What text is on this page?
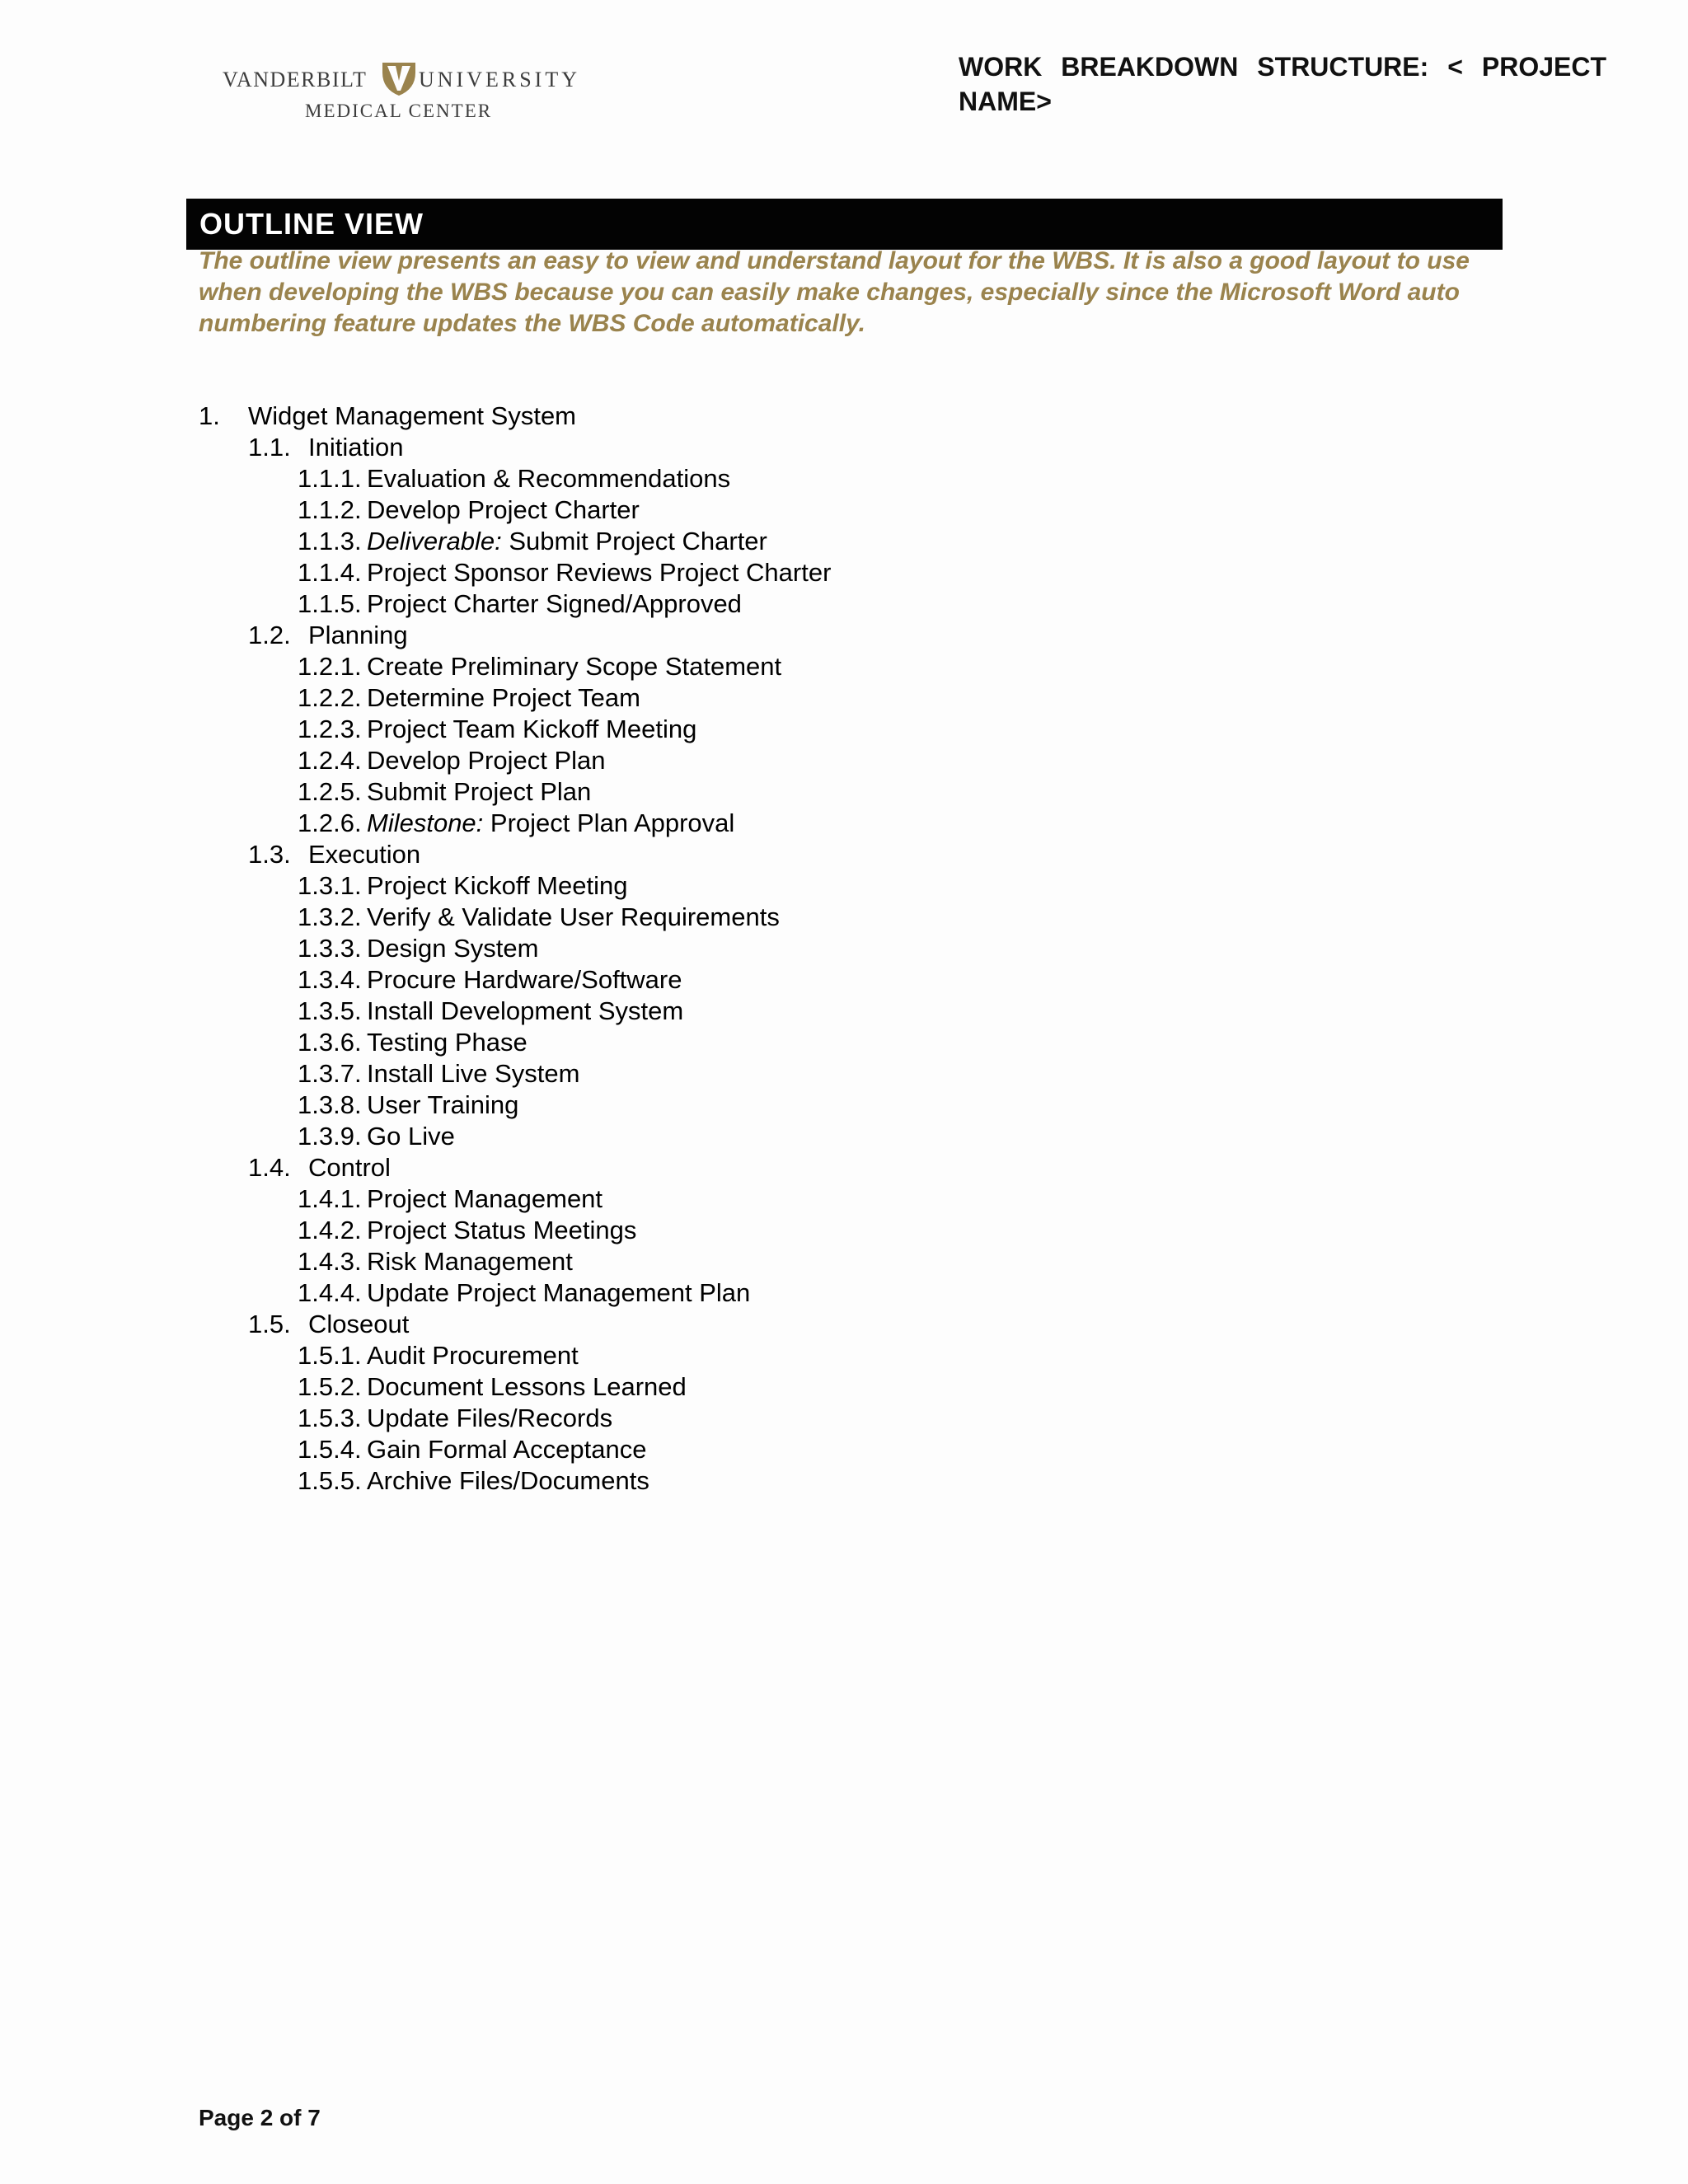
VANDERBILT UNIVERSITY
MEDICAL CENTER
WORK BREAKDOWN STRUCTURE: < PROJECT NAME>
OUTLINE VIEW
The outline view presents an easy to view and understand layout for the WBS. It is also a good layout to use when developing the WBS because you can easily make changes, especially since the Microsoft Word auto numbering feature updates the WBS Code automatically.
1. Widget Management System
1.1. Initiation
1.1.1. Evaluation & Recommendations
1.1.2. Develop Project Charter
1.1.3. Deliverable: Submit Project Charter
1.1.4. Project Sponsor Reviews Project Charter
1.1.5. Project Charter Signed/Approved
1.2. Planning
1.2.1. Create Preliminary Scope Statement
1.2.2. Determine Project Team
1.2.3. Project Team Kickoff Meeting
1.2.4. Develop Project Plan
1.2.5. Submit Project Plan
1.2.6. Milestone: Project Plan Approval
1.3. Execution
1.3.1. Project Kickoff Meeting
1.3.2. Verify & Validate User Requirements
1.3.3. Design System
1.3.4. Procure Hardware/Software
1.3.5. Install Development System
1.3.6. Testing Phase
1.3.7. Install Live System
1.3.8. User Training
1.3.9. Go Live
1.4. Control
1.4.1. Project Management
1.4.2. Project Status Meetings
1.4.3. Risk Management
1.4.4. Update Project Management Plan
1.5. Closeout
1.5.1. Audit Procurement
1.5.2. Document Lessons Learned
1.5.3. Update Files/Records
1.5.4. Gain Formal Acceptance
1.5.5. Archive Files/Documents
Page 2 of 7
